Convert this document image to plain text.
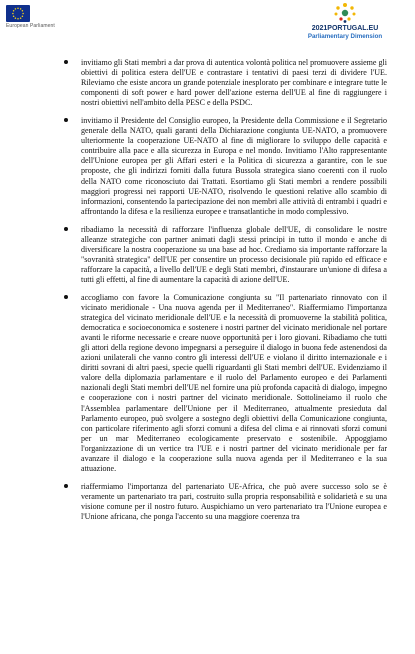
European Parliament	2021PORTUGAL.EU
Parliamentary Dimension
invitiamo gli Stati membri a dar prova di autentica volontà politica nel promuovere assieme gli obiettivi di politica estera dell'UE e contrastare i tentativi di paesi terzi di dividere l'UE. Rileviamo che esiste ancora un grande potenziale inesplorato per combinare e integrare tutte le componenti di soft power e hard power dell'azione esterna dell'UE al fine di raggiungere i nostri obiettivi nell'ambito della PESC e della PSDC.
invitiamo il Presidente del Consiglio europeo, la Presidente della Commissione e il Segretario generale della NATO, quali garanti della Dichiarazione congiunta UE-NATO, a promuovere ulteriormente la cooperazione UE-NATO al fine di migliorare lo sviluppo delle capacità e contribuire alla pace e alla sicurezza in Europa e nel mondo. Invitiamo l'Alto rappresentante dell'Unione europea per gli Affari esteri e la Politica di sicurezza a garantire, con le sue proposte, che gli indirizzi forniti dalla futura Bussola strategica siano coerenti con il ruolo della NATO come riconosciuto dai Trattati. Esortiamo gli Stati membri a rendere possibili maggiori progressi nei rapporti UE-NATO, risolvendo le questioni relative allo scambio di informazioni, consentendo la partecipazione dei non membri alle attività di entrambi i quadri e affrontando la difesa e la resilienza europee e transatlantiche in modo complessivo.
ribadiamo la necessità di rafforzare l'influenza globale dell'UE, di consolidare le nostre alleanze strategiche con partner animati dagli stessi principi in tutto il mondo e anche di diversificare la nostra cooperazione su una base ad hoc. Crediamo sia importante rafforzare la "sovranità strategica" dell'UE per consentire un processo decisionale più rapido ed efficace e rafforzare la capacità, a livello dell'UE e degli Stati membri, d'instaurare un'unione di difesa a tutti gli effetti, al fine di aumentare la capacità di azione dell'UE.
accogliamo con favore la Comunicazione congiunta su "Il partenariato rinnovato con il vicinato meridionale - Una nuova agenda per il Mediterraneo". Riaffermiamo l'importanza strategica del vicinato meridionale dell'UE e la necessità di promuoverne la stabilità politica, democratica e socioeconomica e sostenere i nostri partner del vicinato meridionale nel portare avanti le riforme necessarie e creare nuove opportunità per i loro giovani. Ribadiamo che tutti gli attori della regione devono impegnarsi a perseguire il dialogo in buona fede astenendosi da azioni unilaterali che vanno contro gli interessi dell'UE e violano il diritto internazionale e i diritti sovrani di altri paesi, specie quelli riguardanti gli Stati membri dell'UE. Evidenziamo il valore della diplomazia parlamentare e il ruolo del Parlamento europeo e dei Parlamenti nazionali degli Stati membri dell'UE nel fornire una più profonda capacità di dialogo, impegno e cooperazione con i nostri partner del vicinato meridionale. Sottolineiamo il ruolo che l'Assemblea parlamentare dell'Unione per il Mediterraneo, attualmente presieduta dal Parlamento europeo, può svolgere a sostegno degli obiettivi della Comunicazione congiunta, con particolare riferimento agli sforzi comuni a difesa del clima e ai rinnovati sforzi comuni per un mar Mediterraneo ecologicamente preservato e sostenibile. Appoggiamo l'organizzazione di un vertice tra l'UE e i nostri partner del vicinato meridionale per far avanzare il dialogo e la cooperazione sulla nuova agenda per il Mediterraneo e la sua attuazione.
riaffermiamo l'importanza del partenariato UE-Africa, che può avere successo solo se è veramente un partenariato tra pari, costruito sulla propria responsabilità e solidarietà e su una visione comune per il nostro futuro. Auspichiamo un vero partenariato tra l'Unione europea e l'Unione africana, che ponga l'accento su una maggiore coerenza tra
